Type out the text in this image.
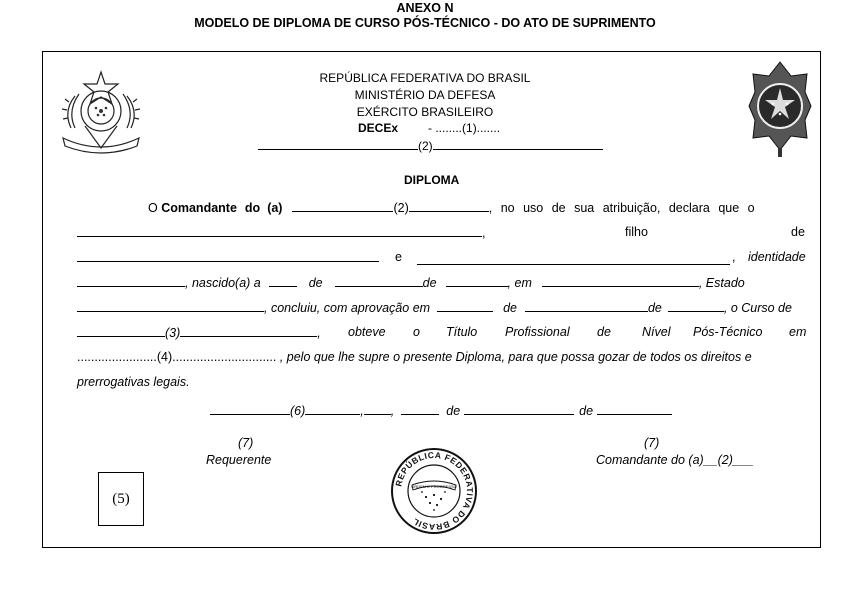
ANEXO N
MODELO DE DIPLOMA DE CURSO PÓS-TÉCNICO - DO ATO DE SUPRIMENTO
REPÚBLICA FEDERATIVA DO BRASIL
MINISTÉRIO DA DEFESA
EXÉRCITO BRASILEIRO
DECEx	- ........(1).......
(2)
DIPLOMA
O Comandante do (a)	(2)	, no uso de sua atribuição, declara que o
,	filho	de
e	, identidade
, nascido(a) a	de	de	, em	, Estado
, concluiu, com aprovação em	de	de	, o Curso de
(3)	, obteve o Título Profissional de Nível Pós-Técnico em
.......................(4).............................. , pelo que lhe supre o presente Diploma, para que possa gozar de todos os direitos e
prerrogativas legais.
(6)	, ,	de	de
(7)
Requerente
(7)
Comandante do (a)__(2)___
(5)
REPÚBLICA FEDERATIVA DO BRASIL
ORDEM E PROGRESSO
